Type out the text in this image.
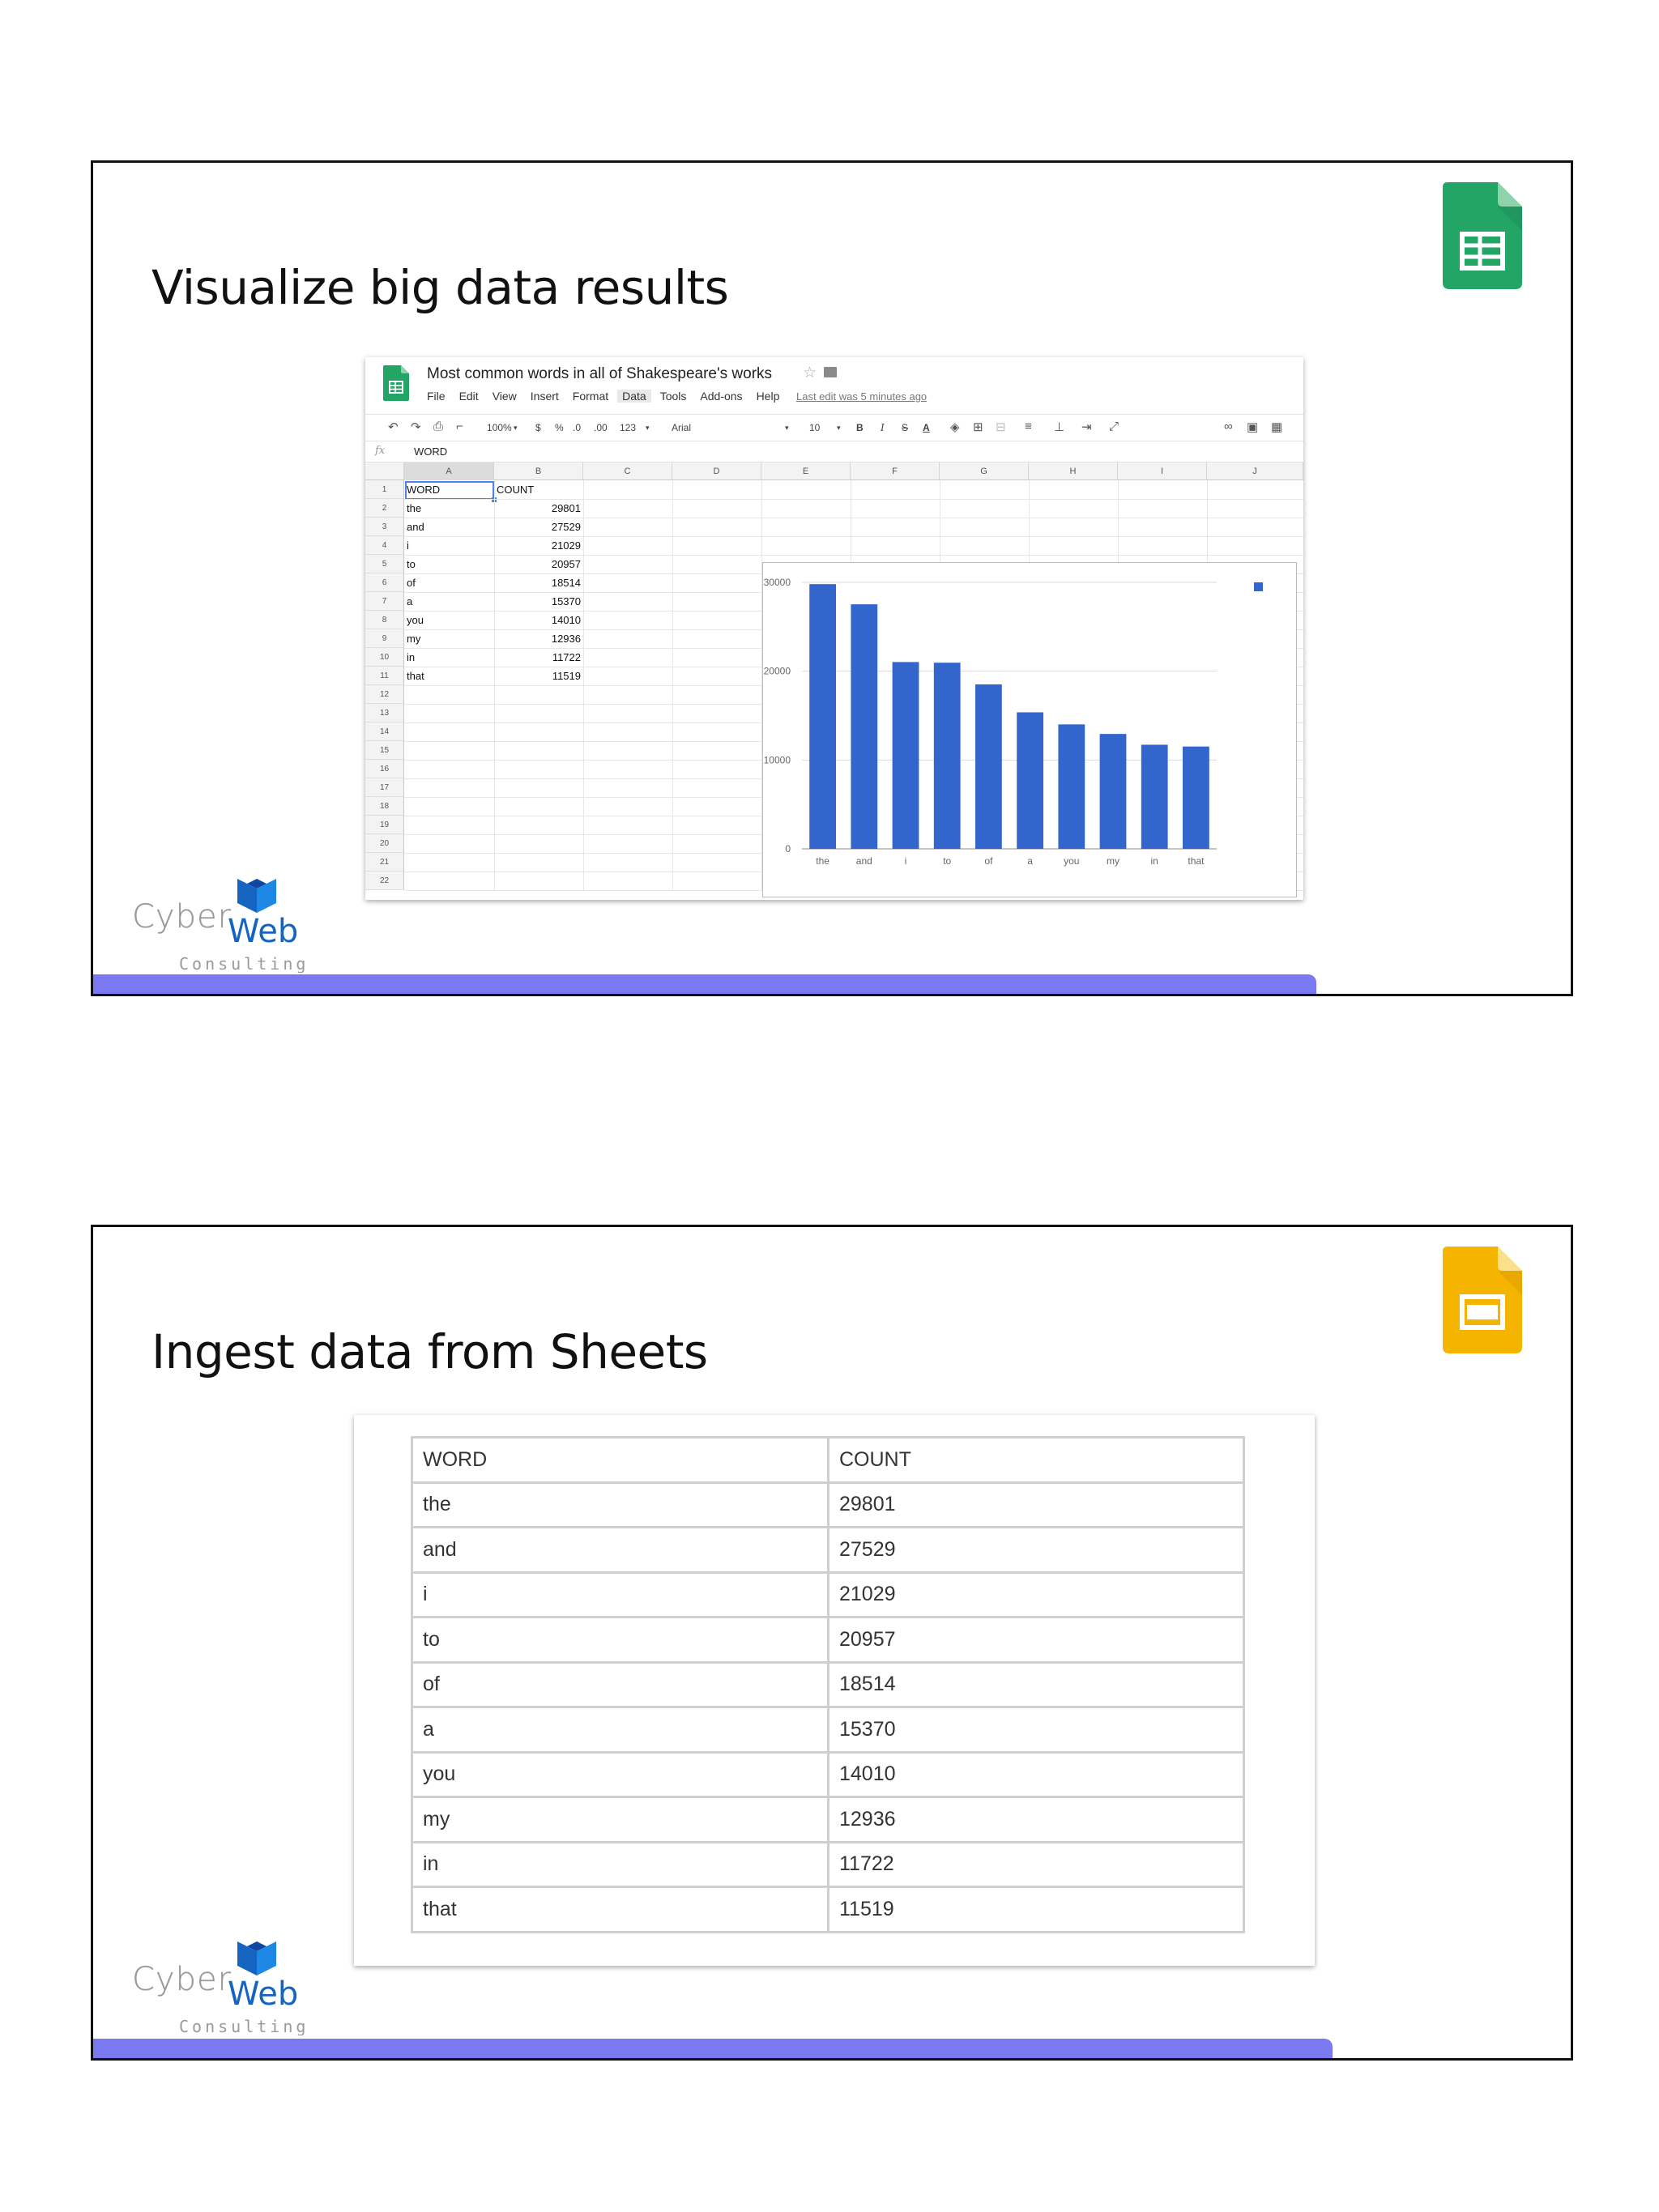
Visualize big data results
Most common words in all of Shakespeare's works ☆
File Edit View Insert Format	Data	Tools Add-ons Help Last edit was 5 minutes ago
↶ ↷ ⎙ ⌐ 100% ▾ $ % .0 .00 123 ▾ Arial	▾ 10 ▾ B I S A ◈ ⊞ ⊟ ≡ ⊥ ⇥ ⤢	∞ ▣ ▦
fx	WORD
A	B	C	D	E	F	G	H	I	J
1
2
3
4
5
6
7
8
9
10
11
12
13
14
15
16
17
18
19
20
21
22
WORD	COUNT
the	29801
and	27529
i	21029
to	20957
of	18514
a	15370
you	14010
my	12936
in	11722
that	11519
0
10000
20000
30000
the	and	i	to	of	a	you	my	in	that
Cyber
Web
Consulting
Ingest data from Sheets
WORD	COUNT
the	29801
and	27529
i	21029
to	20957
of	18514
a	15370
you	14010
my	12936
in	11722
that	11519
Cyber
Web
Consulting
